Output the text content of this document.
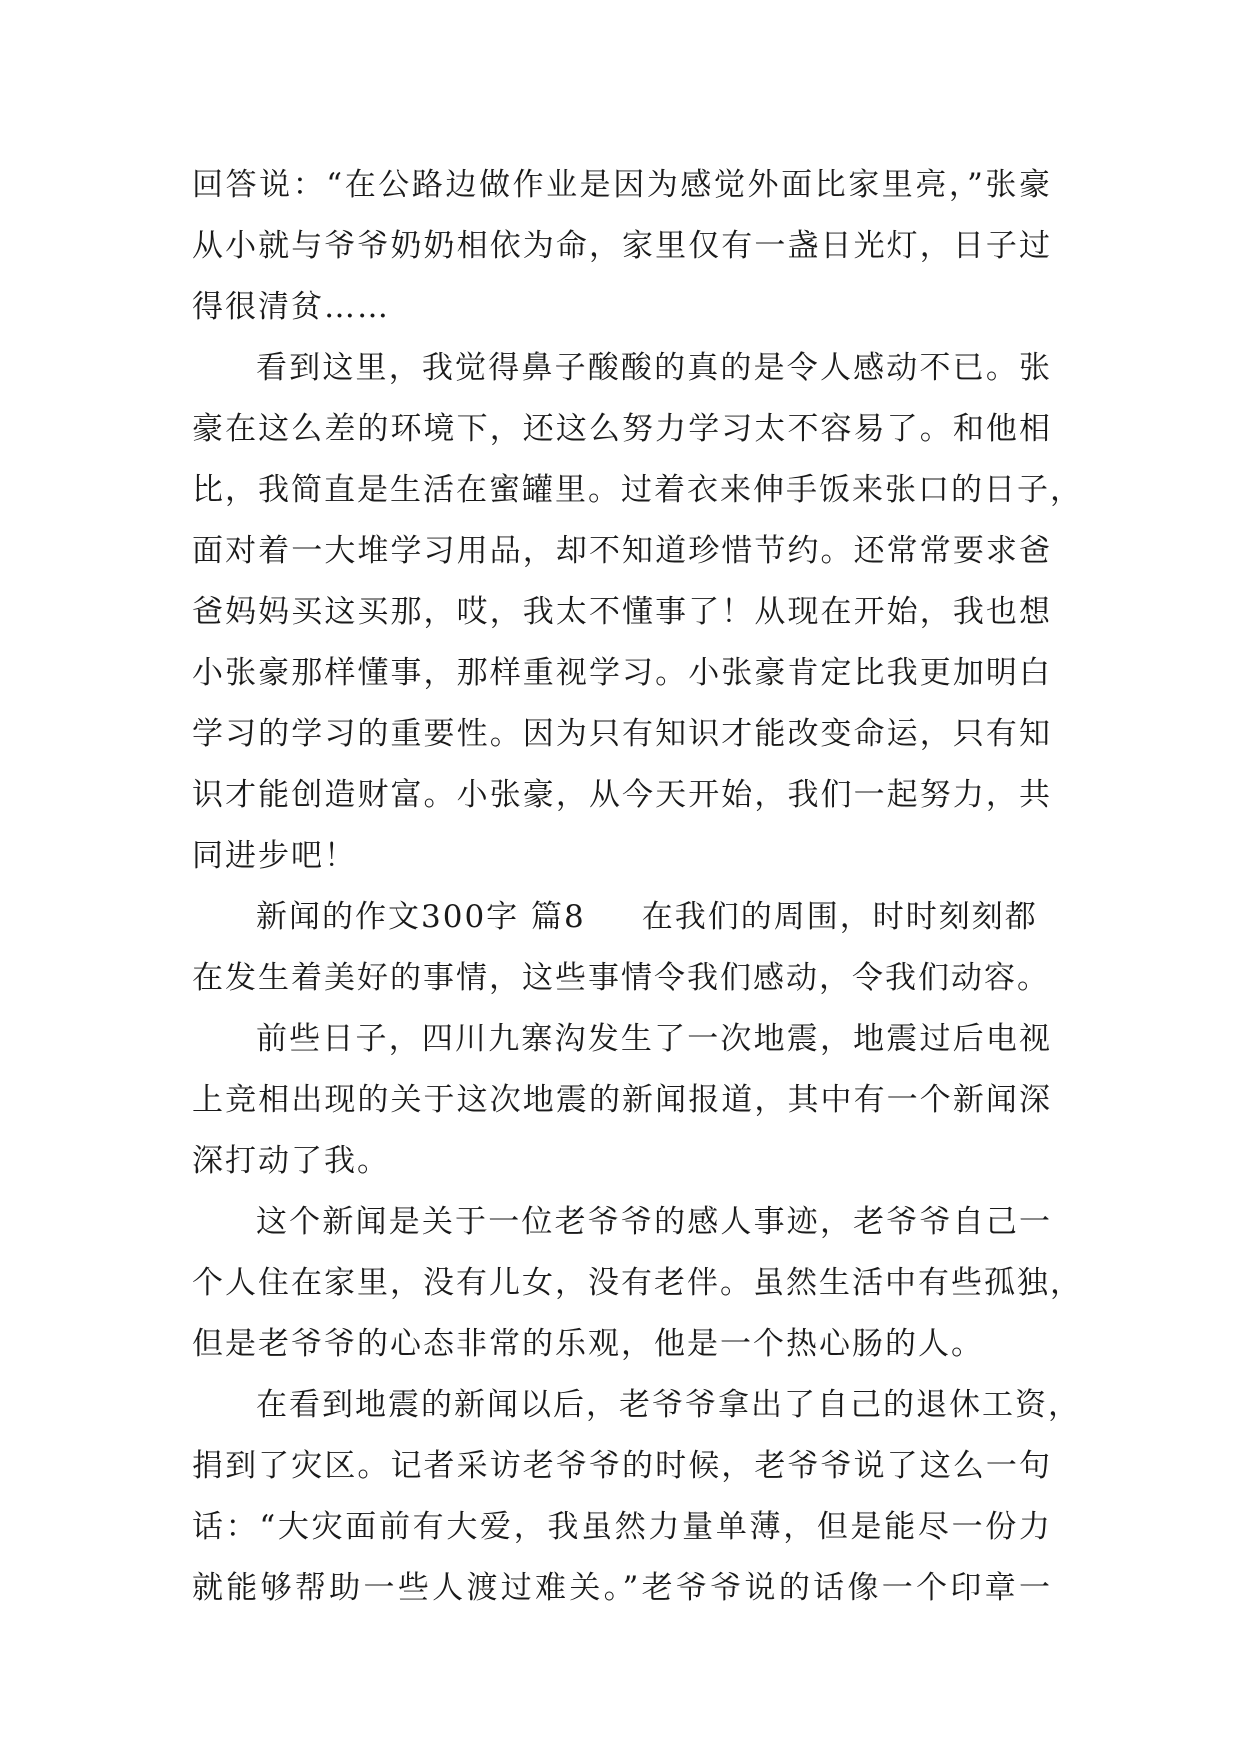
回答说：“在公路边做作业是因为感觉外面比家里亮，”张豪
从小就与爷爷奶奶相依为命，家里仅有一盏日光灯，日子过
得很清贫……
看到这里，我觉得鼻子酸酸的真的是令人感动不已。张
豪在这么差的环境下，还这么努力学习太不容易了。和他相
比，我简直是生活在蜜罐里。过着衣来伸手饭来张口的日子，
面对着一大堆学习用品，却不知道珍惜节约。还常常要求爸
爸妈妈买这买那，哎，我太不懂事了！从现在开始，我也想
小张豪那样懂事，那样重视学习。小张豪肯定比我更加明白
学习的学习的重要性。因为只有知识才能改变命运，只有知
识才能创造财富。小张豪，从今天开始，我们一起努力，共
同进步吧！
新闻的作文300字 篇8 在我们的周围，时时刻刻都
在发生着美好的事情，这些事情令我们感动，令我们动容。
前些日子，四川九寨沟发生了一次地震，地震过后电视
上竞相出现的关于这次地震的新闻报道，其中有一个新闻深
深打动了我。
这个新闻是关于一位老爷爷的感人事迹，老爷爷自己一
个人住在家里，没有儿女，没有老伴。虽然生活中有些孤独，
但是老爷爷的心态非常的乐观，他是一个热心肠的人。
在看到地震的新闻以后，老爷爷拿出了自己的退休工资，
捐到了灾区。记者采访老爷爷的时候，老爷爷说了这么一句
话：“大灾面前有大爱，我虽然力量单薄，但是能尽一份力
就能够帮助一些人渡过难关。”老爷爷说的话像一个印章一
